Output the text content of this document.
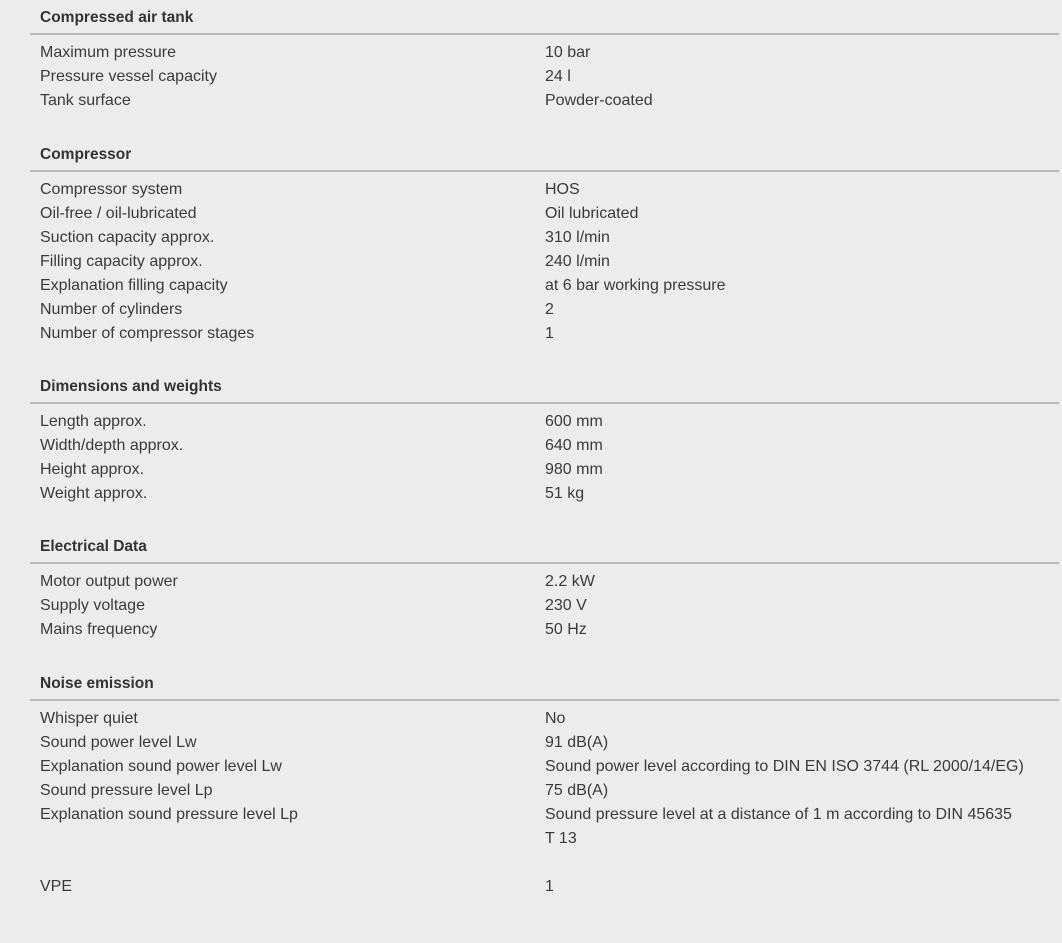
Compressed air tank
Maximum pressure	10 bar
Pressure vessel capacity	24 l
Tank surface	Powder-coated
Compressor
Compressor system	HOS
Oil-free / oil-lubricated	Oil lubricated
Suction capacity approx.	310 l/min
Filling capacity approx.	240 l/min
Explanation filling capacity	at 6 bar working pressure
Number of cylinders	2
Number of compressor stages	1
Dimensions and weights
Length approx.	600 mm
Width/depth approx.	640 mm
Height approx.	980 mm
Weight approx.	51 kg
Electrical Data
Motor output power	2.2 kW
Supply voltage	230 V
Mains frequency	50 Hz
Noise emission
Whisper quiet	No
Sound power level Lw	91 dB(A)
Explanation sound power level Lw	Sound power level according to DIN EN ISO 3744 (RL 2000/14/EG)
Sound pressure level Lp	75 dB(A)
Explanation sound pressure level Lp	Sound pressure level at a distance of 1 m according to DIN 45635 T 13
VPE	1
